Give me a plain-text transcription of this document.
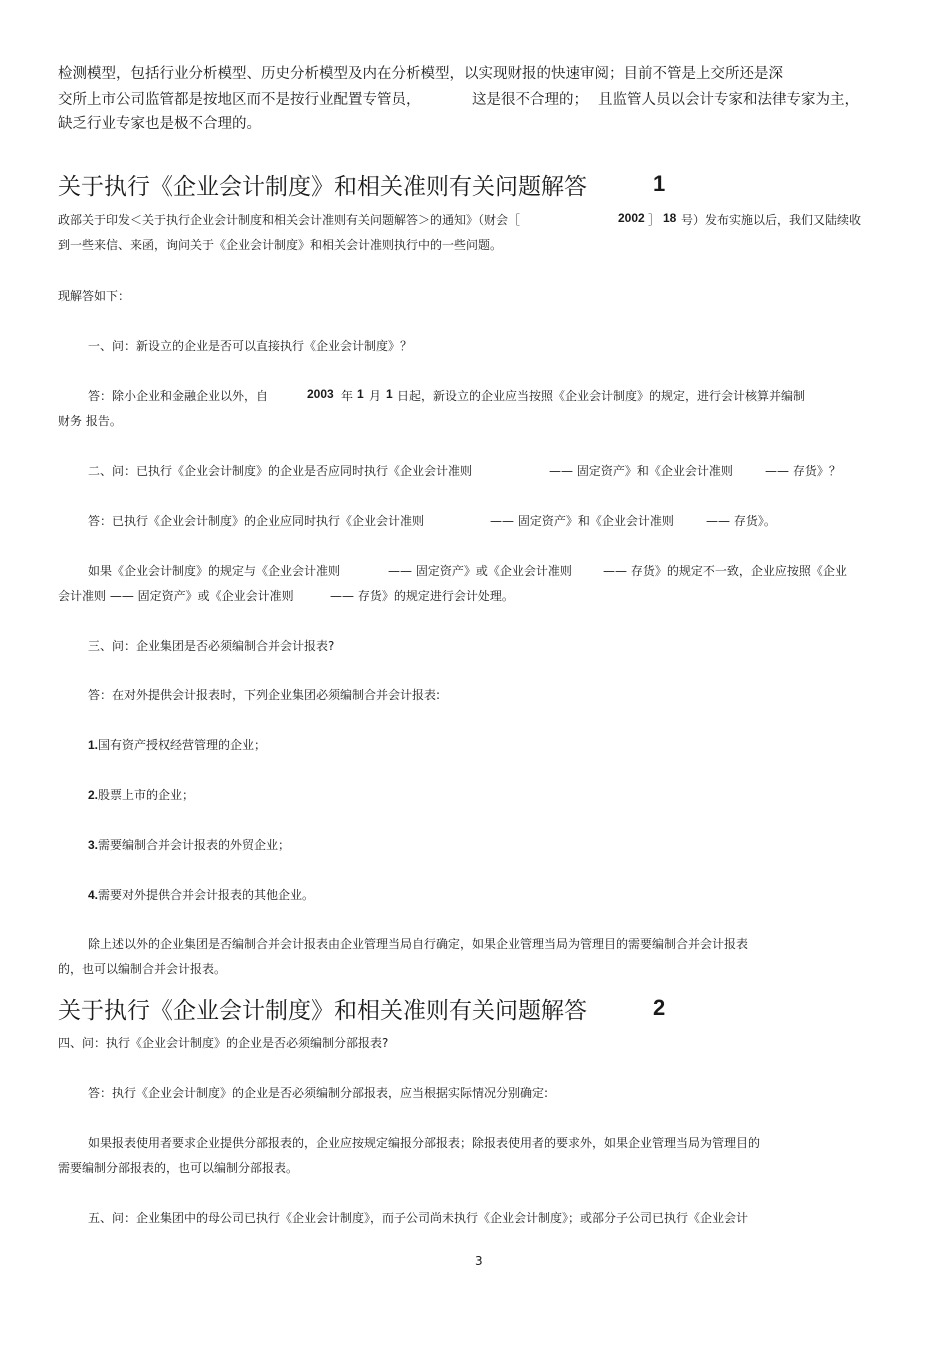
检测模型，包括行业分析模型、历史分析模型及内在分析模型，以实现财报的快速审阅；目前不管是上交所还是深
交所上市公司监管都是按地区而不是按行业配置专管员，	这是很不合理的； 且监管人员以会计专家和法律专家为主，
缺乏行业专家也是极不合理的。
关于执行《企业会计制度》和相关准则有关问题解答	1
政部关于印发＜关于执行企业会计制度和相关会计准则有关问题解答＞的通知》（财会［	2002 ］ 18 号）发布实施以后，我们又陆续收
到一些来信、来函，询问关于《企业会计制度》和相关会计准则执行中的一些问题。
现解答如下：
一、问：新设立的企业是否可以直接执行《企业会计制度》？
答：除小企业和金融企业以外，自	2003 年 1 月 1 日起，新设立的企业应当按照《企业会计制度》的规定，进行会计核算并编制
财务 报告。
二、问：已执行《企业会计制度》的企业是否应同时执行《企业会计准则	—— 固定资产》和《企业会计准则	—— 存货》？
答：已执行《企业会计制度》的企业应同时执行《企业会计准则	—— 固定资产》和《企业会计准则	—— 存货》。
如果《企业会计制度》的规定与《企业会计准则	—— 固定资产》或《企业会计准则	—— 存货》的规定不一致，企业应按照《企业
会计准则 —— 固定资产》或《企业会计准则	—— 存货》的规定进行会计处理。
三、问：企业集团是否必须编制合并会计报表?
答：在对外提供会计报表时，下列企业集团必须编制合并会计报表:
1.国有资产授权经营管理的企业；
2.股票上市的企业；
3.需要编制合并会计报表的外贸企业；
4.需要对外提供合并会计报表的其他企业。
除上述以外的企业集团是否编制合并会计报表由企业管理当局自行确定，如果企业管理当局为管理目的需要编制合并会计报表
的，也可以编制合并会计报表。
关于执行《企业会计制度》和相关准则有关问题解答	2
四、问：执行《企业会计制度》的企业是否必须编制分部报表?
答：执行《企业会计制度》的企业是否必须编制分部报表，应当根据实际情况分别确定:
如果报表使用者要求企业提供分部报表的，企业应按规定编报分部报表；除报表使用者的要求外，如果企业管理当局为管理目的
需要编制分部报表的，也可以编制分部报表。
五、问：企业集团中的母公司已执行《企业会计制度》，而子公司尚未执行《企业会计制度》；或部分子公司已执行《企业会计
3
